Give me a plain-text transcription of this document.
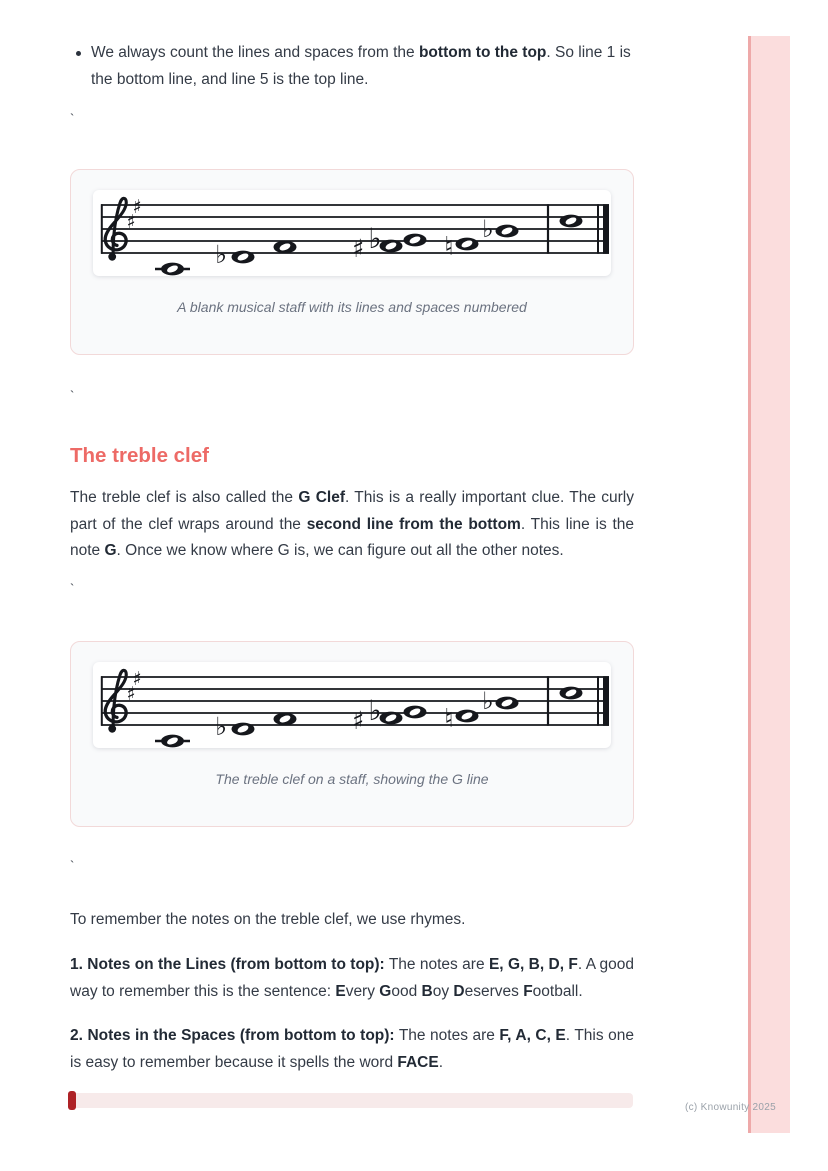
We always count the lines and spaces from the bottom to the top. So line 1 is the bottom line, and line 5 is the top line.
`
A blank musical staff with its lines and spaces numbered
`
The treble clef

The treble clef is also called the G Clef. This is a really important clue. The curly part of the clef wraps around the second line from the bottom. This line is the note G. Once we know where G is, we can figure out all the other notes.

`
The treble clef on a staff, showing the G line
`

To remember the notes on the treble clef, we use rhymes.

1. Notes on the Lines (from bottom to top): The notes are E, G, B, D, F. A good way to remember this is the sentence: Every Good Boy Deserves Football.

2. Notes in the Spaces (from bottom to top): The notes are F, A, C, E. This one is easy to remember because it spells the word FACE.

(c) Knowunity 2025
